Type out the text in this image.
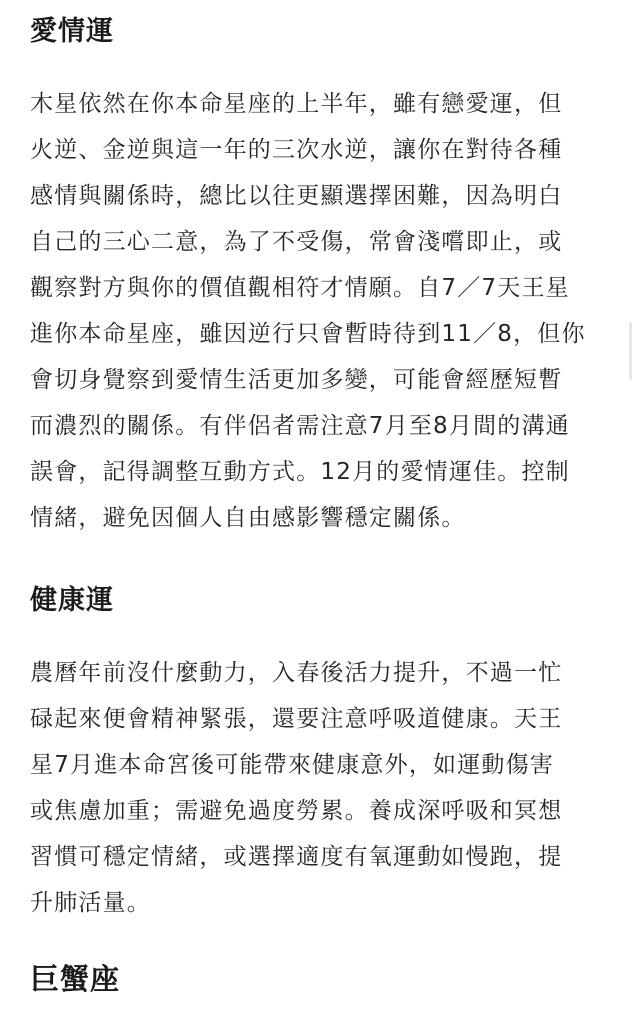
愛情運
木星依然在你本命星座的上半年，雖有戀愛運，但
火逆、金逆與這一年的三次水逆，讓你在對待各種
感情與關係時，總比以往更顯選擇困難，因為明白
自己的三心二意，為了不受傷，常會淺嚐即止，或
觀察對方與你的價值觀相符才情願。自7／7天王星
進你本命星座，雖因逆行只會暫時待到11／8，但你
會切身覺察到愛情生活更加多變，可能會經歷短暫
而濃烈的關係。有伴侶者需注意7月至8月間的溝通
誤會，記得調整互動方式。12月的愛情運佳。控制
情緒，避免因個人自由感影響穩定關係。
健康運
農曆年前沒什麼動力，入春後活力提升，不過一忙
碌起來便會精神緊張，還要注意呼吸道健康。天王
星7月進本命宮後可能帶來健康意外，如運動傷害
或焦慮加重；需避免過度勞累。養成深呼吸和冥想
習慣可穩定情緒，或選擇適度有氧運動如慢跑，提
升肺活量。
巨蟹座
